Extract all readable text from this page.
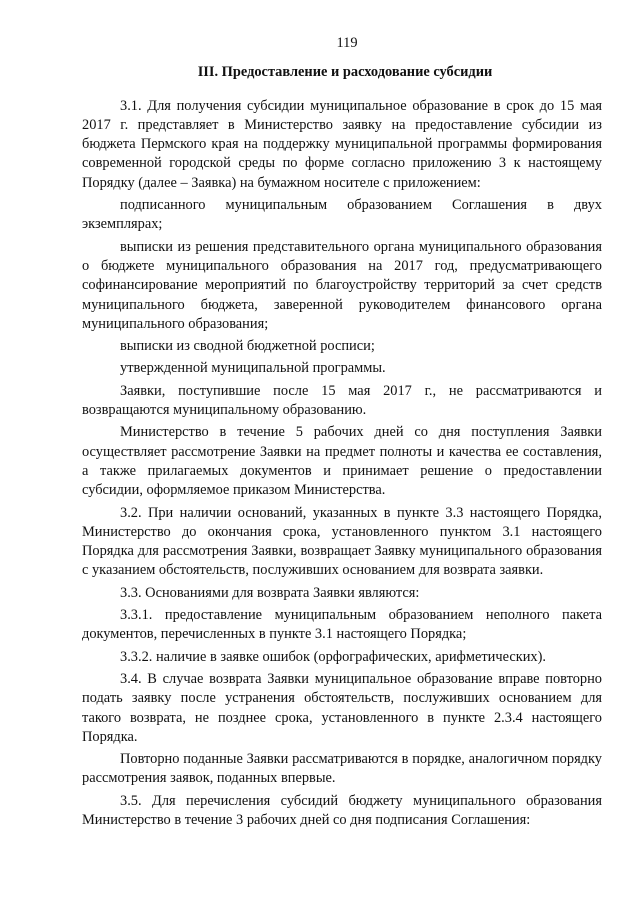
119
III. Предоставление и расходование субсидии

3.1. Для получения субсидии муниципальное образование в срок до 15 мая 2017 г. представляет в Министерство заявку на предоставление субсидии из бюджета Пермского края на поддержку муниципальной программы формирования современной городской среды по форме согласно приложению 3 к настоящему Порядку (далее – Заявка) на бумажном носителе с приложением:

подписанного муниципальным образованием Соглашения в двух экземплярах;

выписки из решения представительного органа муниципального образования о бюджете муниципального образования на 2017 год, предусматривающего софинансирование мероприятий по благоустройству территорий за счет средств муниципального бюджета, заверенной руководителем финансового органа муниципального образования;

выписки из сводной бюджетной росписи;

утвержденной муниципальной программы.

Заявки, поступившие после 15 мая 2017 г., не рассматриваются и возвращаются муниципальному образованию.

Министерство в течение 5 рабочих дней со дня поступления Заявки осуществляет рассмотрение Заявки на предмет полноты и качества ее составления, а также прилагаемых документов и принимает решение о предоставлении субсидии, оформляемое приказом Министерства.

3.2. При наличии оснований, указанных в пункте 3.3 настоящего Порядка, Министерство до окончания срока, установленного пунктом 3.1 настоящего Порядка для рассмотрения Заявки, возвращает Заявку муниципального образования с указанием обстоятельств, послуживших основанием для возврата заявки.

3.3. Основаниями для возврата Заявки являются:

3.3.1. предоставление муниципальным образованием неполного пакета документов, перечисленных в пункте 3.1 настоящего Порядка;

3.3.2. наличие в заявке ошибок (орфографических, арифметических).

3.4. В случае возврата Заявки муниципальное образование вправе повторно подать заявку после устранения обстоятельств, послуживших основанием для такого возврата, не позднее срока, установленного в пункте 2.3.4 настоящего Порядка.

Повторно поданные Заявки рассматриваются в порядке, аналогичном порядку рассмотрения заявок, поданных впервые.

3.5. Для перечисления субсидий бюджету муниципального образования Министерство в течение 3 рабочих дней со дня подписания Соглашения:
